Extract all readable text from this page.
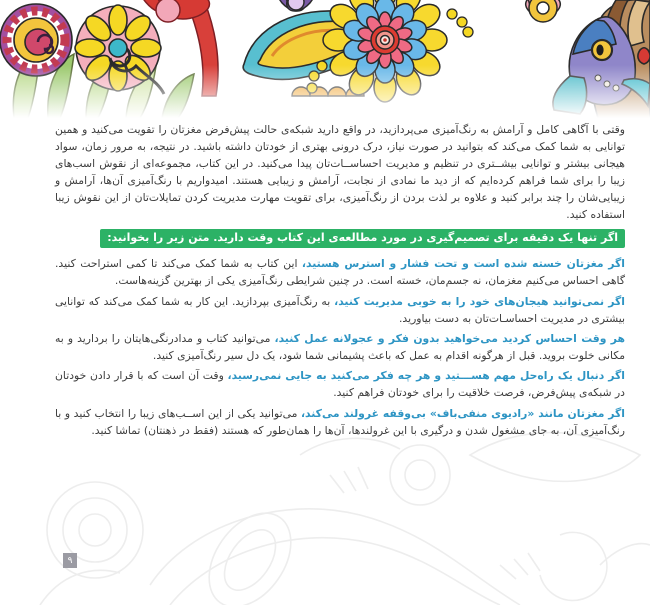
وقتی با آگاهی کامل و آرامش به رنگ‌آمیزی می‌پردازید، در واقع دارید شبکه‌ی حالت پیش‌فرض مغزتان را تقویت می‌کنید و همین توانایی به شما کمک می‌کند که بتوانید در صورت نیاز، درک درونی بهتری از خودتان داشته باشید. در نتیجه، به مرور زمان، سواد هیجانی بیشتر و توانایی بیشــتری در تنظیم و مدیریت احساســات‌تان پیدا می‌کنید. در این کتاب، مجموعه‌ای از نقوش اسب‌های زیبا را برای شما فراهم کرده‌ایم که از دید ما نمادی از نجابت، آرامش و زیبایی هستند. امیدواریم با رنگ‌آمیزی آن‌ها، آرامش و زیبایی‌شان را چند برابر کنید و علاوه بر لذت بردن از رنگ‌آمیزی، برای تقویت مهارت مدیریت کردن تمایلات‌تان از این نقوش زیبا استفاده کنید.

اگر تنها یک دقیقه برای تصمیم‌گیری در مورد مطالعه‌ی این کتاب وقت دارید. متن زیر را بخوانید:

اگر مغزتان خسته شده است و تحت فشار و استرس هستید، این کتاب به شما کمک می‌کند تا کمی استراحت کنید. گاهی احساس می‌کنیم مغزمان، نه جسم‌مان، خسته است. در چنین شرایطی رنگ‌آمیزی یکی از بهترین گزینه‌هاست.

اگر نمی‌توانید هیجان‌های خود را به خوبی مدیریت کنید، به رنگ‌آمیزی بپردازید. این کار به شما کمک می‌کند که توانایی بیشتری در مدیریت احساسـات‌تان به دست بیاورید.

هر وقت احساس کردید می‌خواهید بدون فکر و عجولانه عمل کنید، می‌توانید کتاب و مدادرنگی‌هایتان را بردارید و به مکانی خلوت بروید. قبل از هرگونه اقدام به عمل که باعث پشیمانی شما شود، یک دل سیر رنگ‌آمیزی کنید.

اگر دنبال یک راه‌حل مهم هســـتید و هر چه فکر می‌کنید به جایی نمی‌رسید، وقت آن است که با قرار دادن خودتان در شبکه‌ی پیش‌فرض، فرصت خلاقیت را برای خودتان فراهم کنید.

اگر مغزتان مانند «رادیوی منفی‌باف» بی‌وقفه غرولند می‌کند، می‌توانید یکی از این اســب‌های زیبا را انتخاب کنید و با رنگ‌آمیزی آن، به جای مشغول شدن و درگیری با این غرولندها، آن‌ها را همان‌طور که هستند (فقط در ذهنتان) تماشا کنید.

۹
